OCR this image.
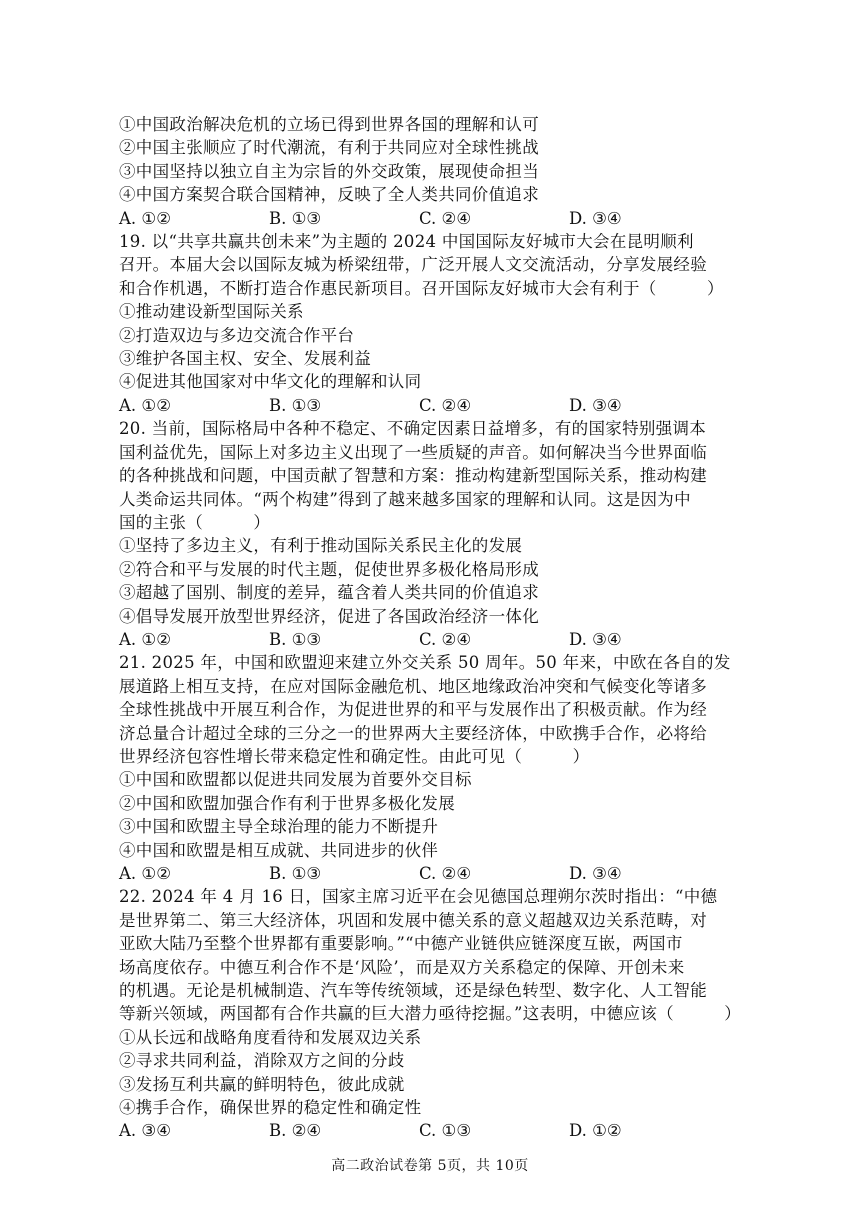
①中国政治解决危机的立场已得到世界各国的理解和认可
②中国主张顺应了时代潮流，有利于共同应对全球性挑战
③中国坚持以独立自主为宗旨的外交政策，展现使命担当
④中国方案契合联合国精神，反映了全人类共同价值追求
A. ①②	B. ①③	C. ②④	D. ③④
19. 以“共享共赢共创未来”为主题的 2024 中国国际友好城市大会在昆明顺利
召开。本届大会以国际友城为桥梁纽带，广泛开展人文交流活动，分享发展经验
和合作机遇，不断打造合作惠民新项目。召开国际友好城市大会有利于（　　　）
①推动建设新型国际关系
②打造双边与多边交流合作平台
③维护各国主权、安全、发展利益
④促进其他国家对中华文化的理解和认同
A. ①②	B. ①③	C. ②④	D. ③④
20. 当前，国际格局中各种不稳定、不确定因素日益增多，有的国家特别强调本
国利益优先，国际上对多边主义出现了一些质疑的声音。如何解决当今世界面临
的各种挑战和问题，中国贡献了智慧和方案：推动构建新型国际关系，推动构建
人类命运共同体。“两个构建”得到了越来越多国家的理解和认同。这是因为中
国的主张（　　　）
①坚持了多边主义，有利于推动国际关系民主化的发展
②符合和平与发展的时代主题，促使世界多极化格局形成
③超越了国别、制度的差异，蕴含着人类共同的价值追求
④倡导发展开放型世界经济，促进了各国政治经济一体化
A. ①②	B. ①③	C. ②④	D. ③④
21. 2025 年，中国和欧盟迎来建立外交关系 50 周年。50 年来，中欧在各自的发
展道路上相互支持，在应对国际金融危机、地区地缘政治冲突和气候变化等诸多
全球性挑战中开展互利合作，为促进世界的和平与发展作出了积极贡献。作为经
济总量合计超过全球的三分之一的世界两大主要经济体，中欧携手合作，必将给
世界经济包容性增长带来稳定性和确定性。由此可见（　　　）
①中国和欧盟都以促进共同发展为首要外交目标
②中国和欧盟加强合作有利于世界多极化发展
③中国和欧盟主导全球治理的能力不断提升
④中国和欧盟是相互成就、共同进步的伙伴
A. ①②	B. ①③	C. ②④	D. ③④
22. 2024 年 4 月 16 日，国家主席习近平在会见德国总理朔尔茨时指出：“中德
是世界第二、第三大经济体，巩固和发展中德关系的意义超越双边关系范畴，对
亚欧大陆乃至整个世界都有重要影响。”“中德产业链供应链深度互嵌，两国市
场高度依存。中德互利合作不是‘风险’，而是双方关系稳定的保障、开创未来
的机遇。无论是机械制造、汽车等传统领域，还是绿色转型、数字化、人工智能
等新兴领域，两国都有合作共赢的巨大潜力亟待挖掘。”这表明，中德应该（　　　）
①从长远和战略角度看待和发展双边关系
②寻求共同利益，消除双方之间的分歧
③发扬互利共赢的鲜明特色，彼此成就
④携手合作，确保世界的稳定性和确定性
A. ③④	B. ②④	C. ①③	D. ①②
高二政治试卷第 5页，共 10页
